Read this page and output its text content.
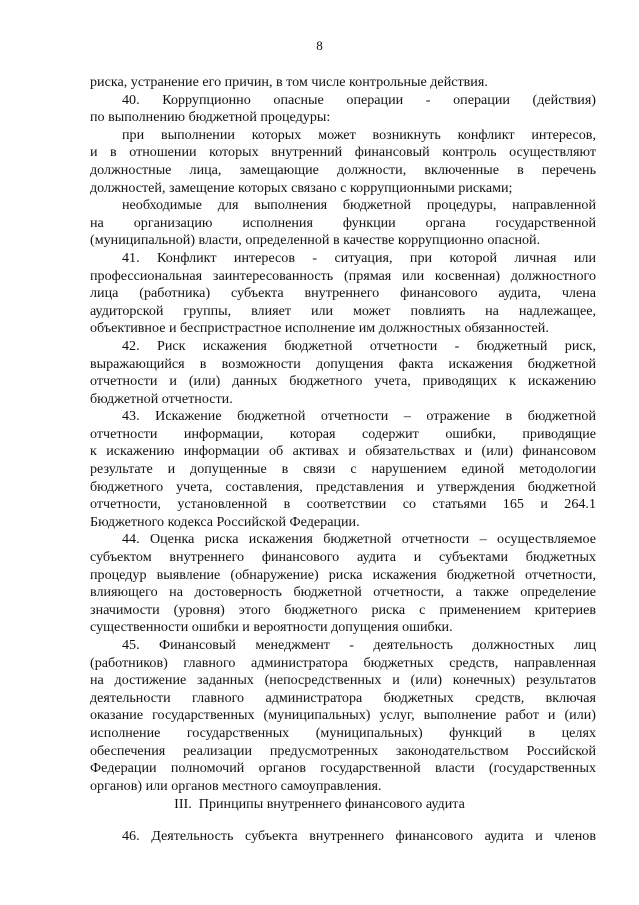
8
риска, устранение его причин, в том числе контрольные действия.
40. Коррупционно опасные операции - операции (действия)
по выполнению бюджетной процедуры:
при выполнении которых может возникнуть конфликт интересов,
и в отношении которых внутренний финансовый контроль осуществляют
должностные лица, замещающие должности, включенные в перечень
должностей, замещение которых связано с коррупционными рисками;
необходимые для выполнения бюджетной процедуры, направленной
на организацию исполнения функции органа государственной
(муниципальной) власти, определенной в качестве коррупционно опасной.
41. Конфликт интересов - ситуация, при которой личная или
профессиональная заинтересованность (прямая или косвенная) должностного
лица (работника) субъекта внутреннего финансового аудита, члена
аудиторской группы, влияет или может повлиять на надлежащее,
объективное и беспристрастное исполнение им должностных обязанностей.
42. Риск искажения бюджетной отчетности - бюджетный риск,
выражающийся в возможности допущения факта искажения бюджетной
отчетности и (или) данных бюджетного учета, приводящих к искажению
бюджетной отчетности.
43. Искажение бюджетной отчетности – отражение в бюджетной
отчетности информации, которая содержит ошибки, приводящие
к искажению информации об активах и обязательствах и (или) финансовом
результате и допущенные в связи с нарушением единой методологии
бюджетного учета, составления, представления и утверждения бюджетной
отчетности, установленной в соответствии со статьями 165 и 264.1
Бюджетного кодекса Российской Федерации.
44. Оценка риска искажения бюджетной отчетности – осуществляемое
субъектом внутреннего финансового аудита и субъектами бюджетных
процедур выявление (обнаружение) риска искажения бюджетной отчетности,
влияющего на достоверность бюджетной отчетности, а также определение
значимости (уровня) этого бюджетного риска с применением критериев
существенности ошибки и вероятности допущения ошибки.
45. Финансовый менеджмент - деятельность должностных лиц
(работников) главного администратора бюджетных средств, направленная
на достижение заданных (непосредственных и (или) конечных) результатов
деятельности главного администратора бюджетных средств, включая
оказание государственных (муниципальных) услуг, выполнение работ и (или)
исполнение государственных (муниципальных) функций в целях
обеспечения реализации предусмотренных законодательством Российской
Федерации полномочий органов государственной власти (государственных
органов) или органов местного самоуправления.
III.  Принципы внутреннего финансового аудита
46. Деятельность субъекта внутреннего финансового аудита и членов
